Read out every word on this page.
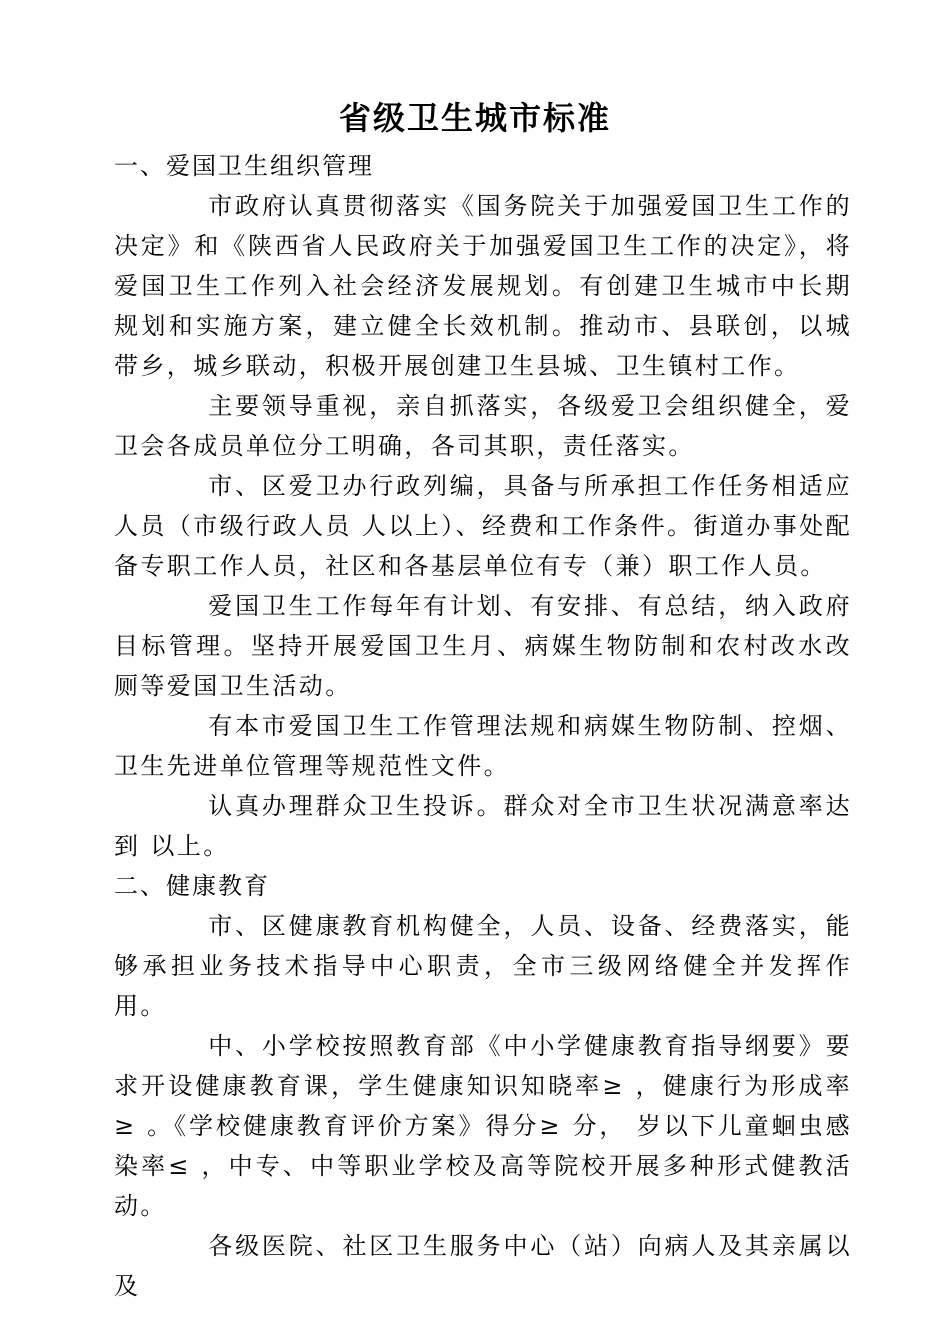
省级卫生城市标准
一、爱国卫生组织管理

市政府认真贯彻落实《国务院关于加强爱国卫生工作的决定》和《陕西省人民政府关于加强爱国卫生工作的决定》，将爱国卫生工作列入社会经济发展规划。有创建卫生城市中长期规划和实施方案，建立健全长效机制。推动市、县联创，以城带乡，城乡联动，积极开展创建卫生县城、卫生镇村工作。

主要领导重视，亲自抓落实，各级爱卫会组织健全，爱卫会各成员单位分工明确，各司其职，责任落实。

市、区爱卫办行政列编，具备与所承担工作任务相适应人员（市级行政人员 人以上）、经费和工作条件。街道办事处配备专职工作人员，社区和各基层单位有专（兼）职工作人员。

爱国卫生工作每年有计划、有安排、有总结，纳入政府目标管理。坚持开展爱国卫生月、病媒生物防制和农村改水改厕等爱国卫生活动。

有本市爱国卫生工作管理法规和病媒生物防制、控烟、卫生先进单位管理等规范性文件。

认真办理群众卫生投诉。群众对全市卫生状况满意率达到 以上。

二、健康教育

市、区健康教育机构健全，人员、设备、经费落实，能够承担业务技术指导中心职责，全市三级网络健全并发挥作用。

中、小学校按照教育部《中小学健康教育指导纲要》要求开设健康教育课，学生健康知识知晓率≥ ，健康行为形成率≥ 。《学校健康教育评价方案》得分≥ 分， 岁以下儿童蛔虫感染率≤ ，中专、中等职业学校及高等院校开展多种形式健教活动。

各级医院、社区卫生服务中心（站）向病人及其亲属以及
